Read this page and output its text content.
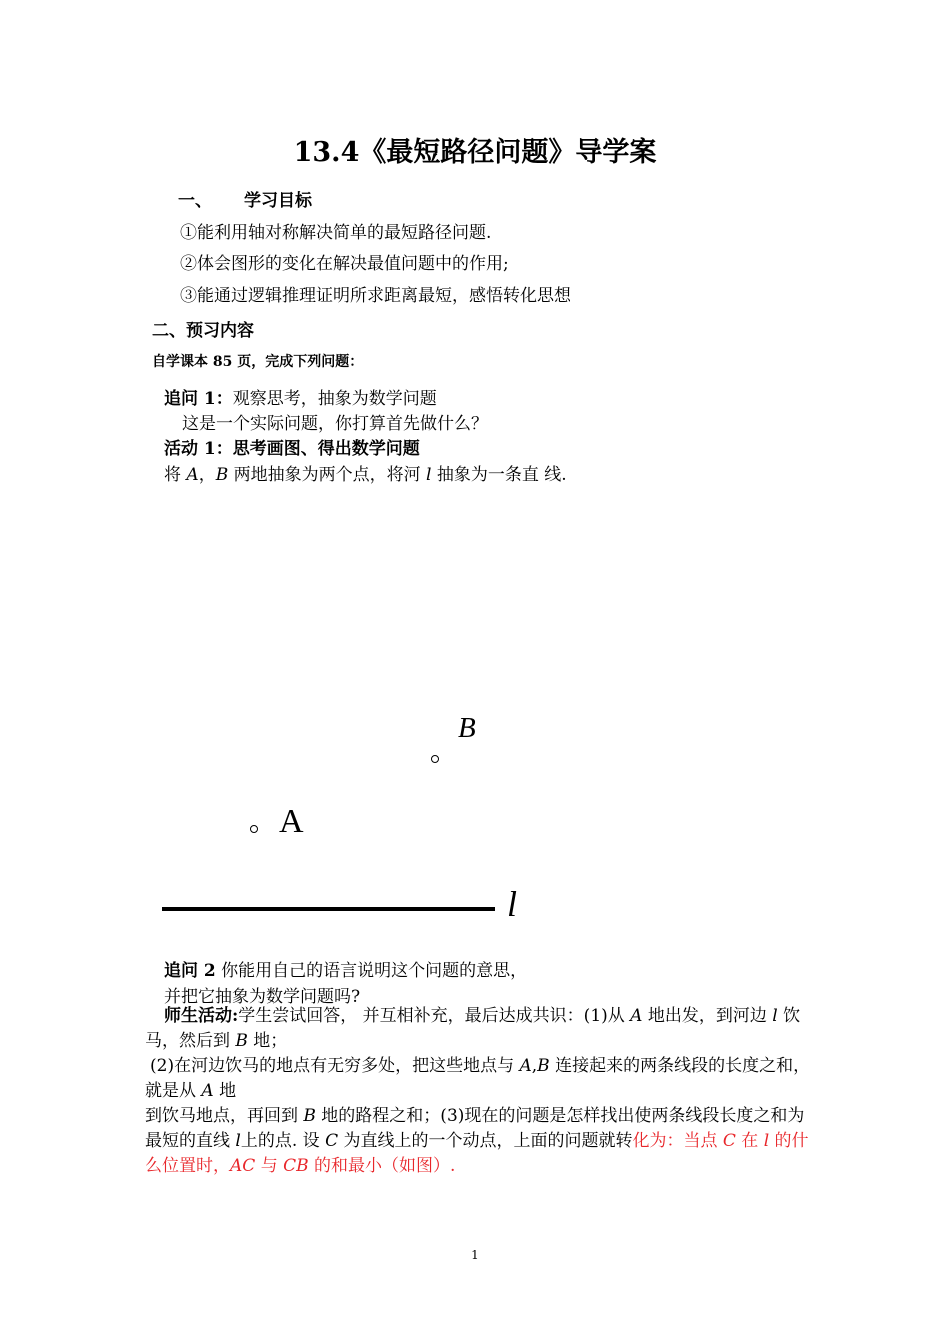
13.4《最短路径问题》导学案
一、 学习目标
①能利用轴对称解决简单的最短路径问题.
②体会图形的变化在解决最值问题中的作用;
③能通过逻辑推理证明所求距离最短，感悟转化思想
二、预习内容
自学课本 85 页，完成下列问题：
追问 1：观察思考，抽象为数学问题
这是一个实际问题，你打算首先做什么？
活动 1：思考画图、得出数学问题
将 A，B 两地抽象为两个点，将河 l 抽象为一条直 线.
B
A
l
追问 2 你能用自己的语言说明这个问题的意思，
并把它抽象为数学问题吗?
师生活动:学生尝试回答， 并互相补充，最后达成共识：(1)从 A 地出发，到河边 l 饮马，然后到 B 地；
(2)在河边饮马的地点有无穷多处，把这些地点与 A,B 连接起来的两条线段的长度之和，就是从 A 地
到饮马地点，再回到 B 地的路程之和；(3)现在的问题是怎样找出使两条线段长度之和为最短的直线 l上的点. 设 C 为直线上的一个动点，上面的问题就转化为：当点 C 在 l 的什么位置时，AC 与 CB 的和最小（如图）.
1
